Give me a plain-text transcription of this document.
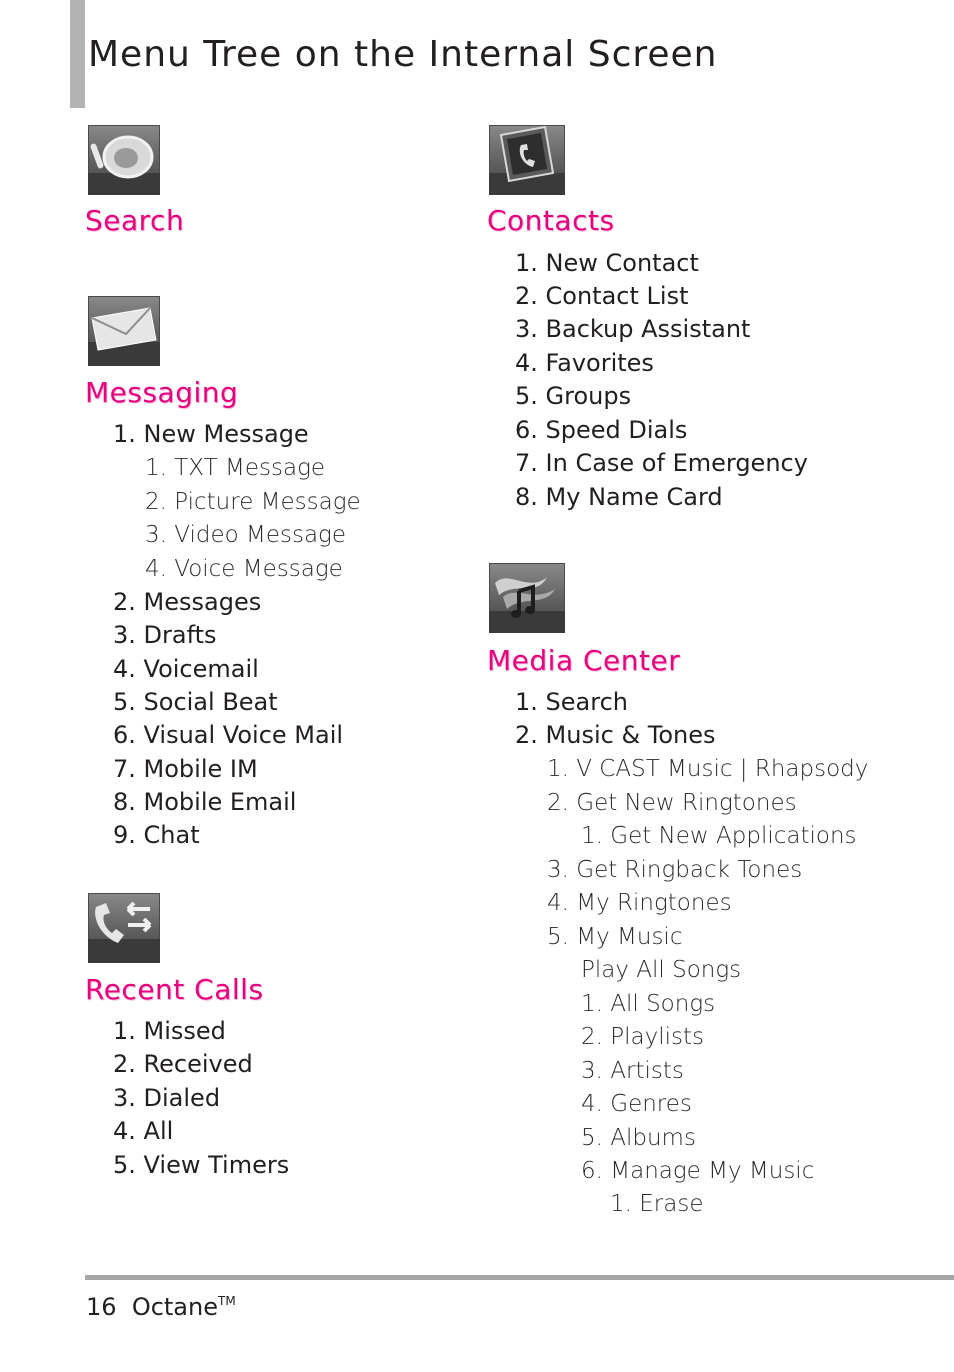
Menu Tree on the Internal Screen
Search
Messaging
1. New Message
1. TXT Message
2. Picture Message
3. Video Message
4. Voice Message
2. Messages
3. Drafts
4. Voicemail
5. Social Beat
6. Visual Voice Mail
7. Mobile IM
8. Mobile Email
9. Chat
Recent Calls
1. Missed
2. Received
3. Dialed
4. All
5. View Timers
Contacts
1. New Contact
2. Contact List
3. Backup Assistant
4. Favorites
5. Groups
6. Speed Dials
7. In Case of Emergency
8. My Name Card
Media Center
1. Search
2. Music & Tones
1. V CAST Music | Rhapsody
2. Get New Ringtones
1. Get New Applications
3. Get Ringback Tones
4. My Ringtones
5. My Music
Play All Songs
1. All Songs
2. Playlists
3. Artists
4. Genres
5. Albums
6. Manage My Music
1. Erase
16 Octane™
